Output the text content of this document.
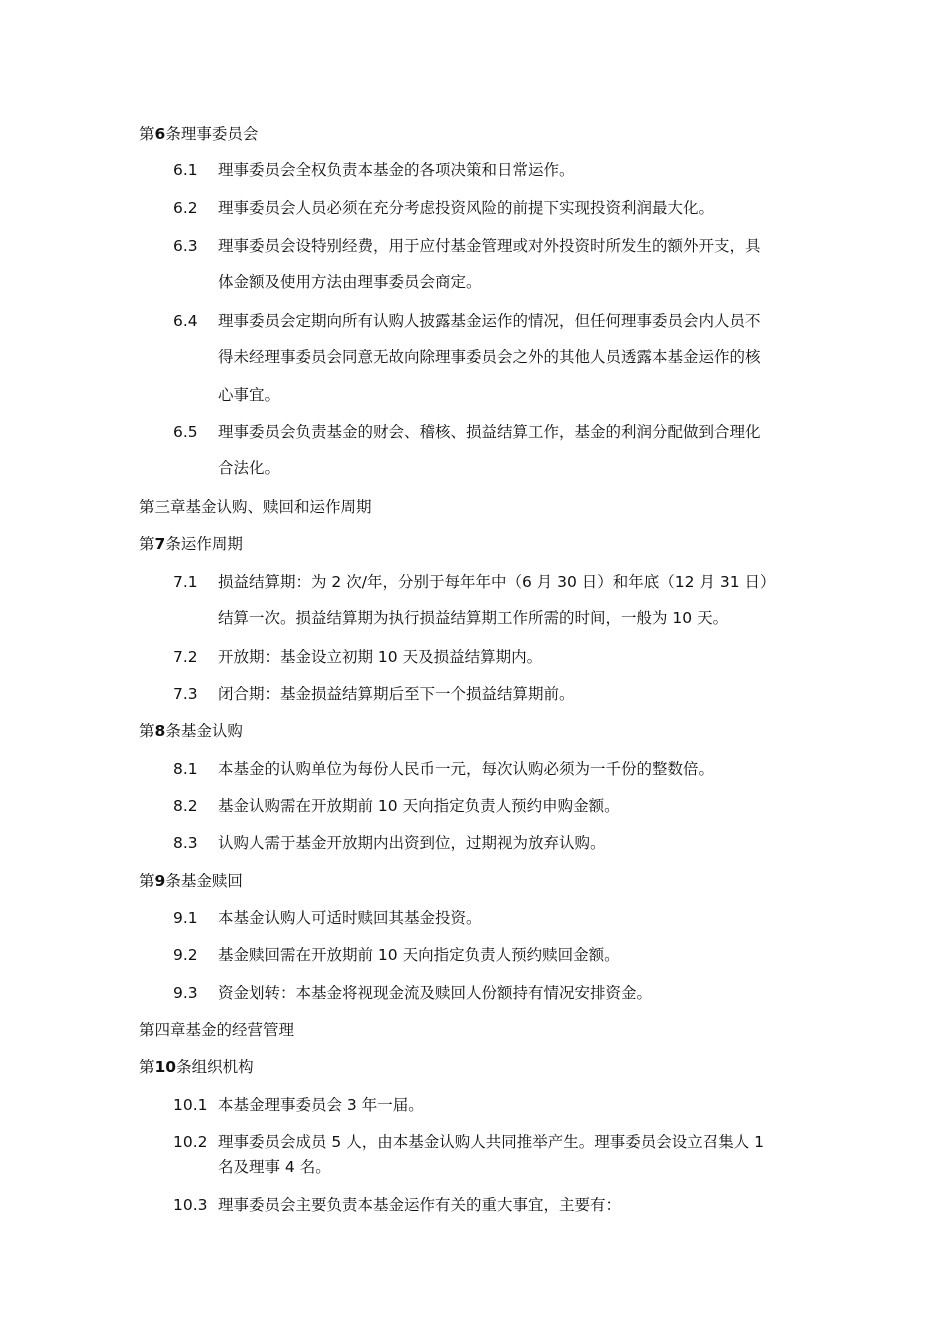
第6条理事委员会
6.1 理事委员会全权负责本基金的各项决策和日常运作。
6.2 理事委员会人员必须在充分考虑投资风险的前提下实现投资利润最大化。
6.3 理事委员会设特别经费，用于应付基金管理或对外投资时所发生的额外开支，具
体金额及使用方法由理事委员会商定。
6.4 理事委员会定期向所有认购人披露基金运作的情况，但任何理事委员会内人员不
得未经理事委员会同意无故向除理事委员会之外的其他人员透露本基金运作的核
心事宜。
6.5 理事委员会负责基金的财会、稽核、损益结算工作，基金的利润分配做到合理化
合法化。
第三章基金认购、赎回和运作周期
第7条运作周期
7.1 损益结算期：为 2 次/年，分别于每年年中（6 月 30 日）和年底（12 月 31 日）
结算一次。损益结算期为执行损益结算期工作所需的时间，一般为 10 天。
7.2 开放期：基金设立初期 10 天及损益结算期内。
7.3 闭合期：基金损益结算期后至下一个损益结算期前。
第8条基金认购
8.1 本基金的认购单位为每份人民币一元，每次认购必须为一千份的整数倍。
8.2 基金认购需在开放期前 10 天向指定负责人预约申购金额。
8.3 认购人需于基金开放期内出资到位，过期视为放弃认购。
第9条基金赎回
9.1 本基金认购人可适时赎回其基金投资。
9.2 基金赎回需在开放期前 10 天向指定负责人预约赎回金额。
9.3 资金划转：本基金将视现金流及赎回人份额持有情况安排资金。
第四章基金的经营管理
第10条组织机构
10.1 本基金理事委员会 3 年一届。
10.2 理事委员会成员 5 人，由本基金认购人共同推举产生。理事委员会设立召集人 1
名及理事 4 名。
10.3 理事委员会主要负责本基金运作有关的重大事宜，主要有：
